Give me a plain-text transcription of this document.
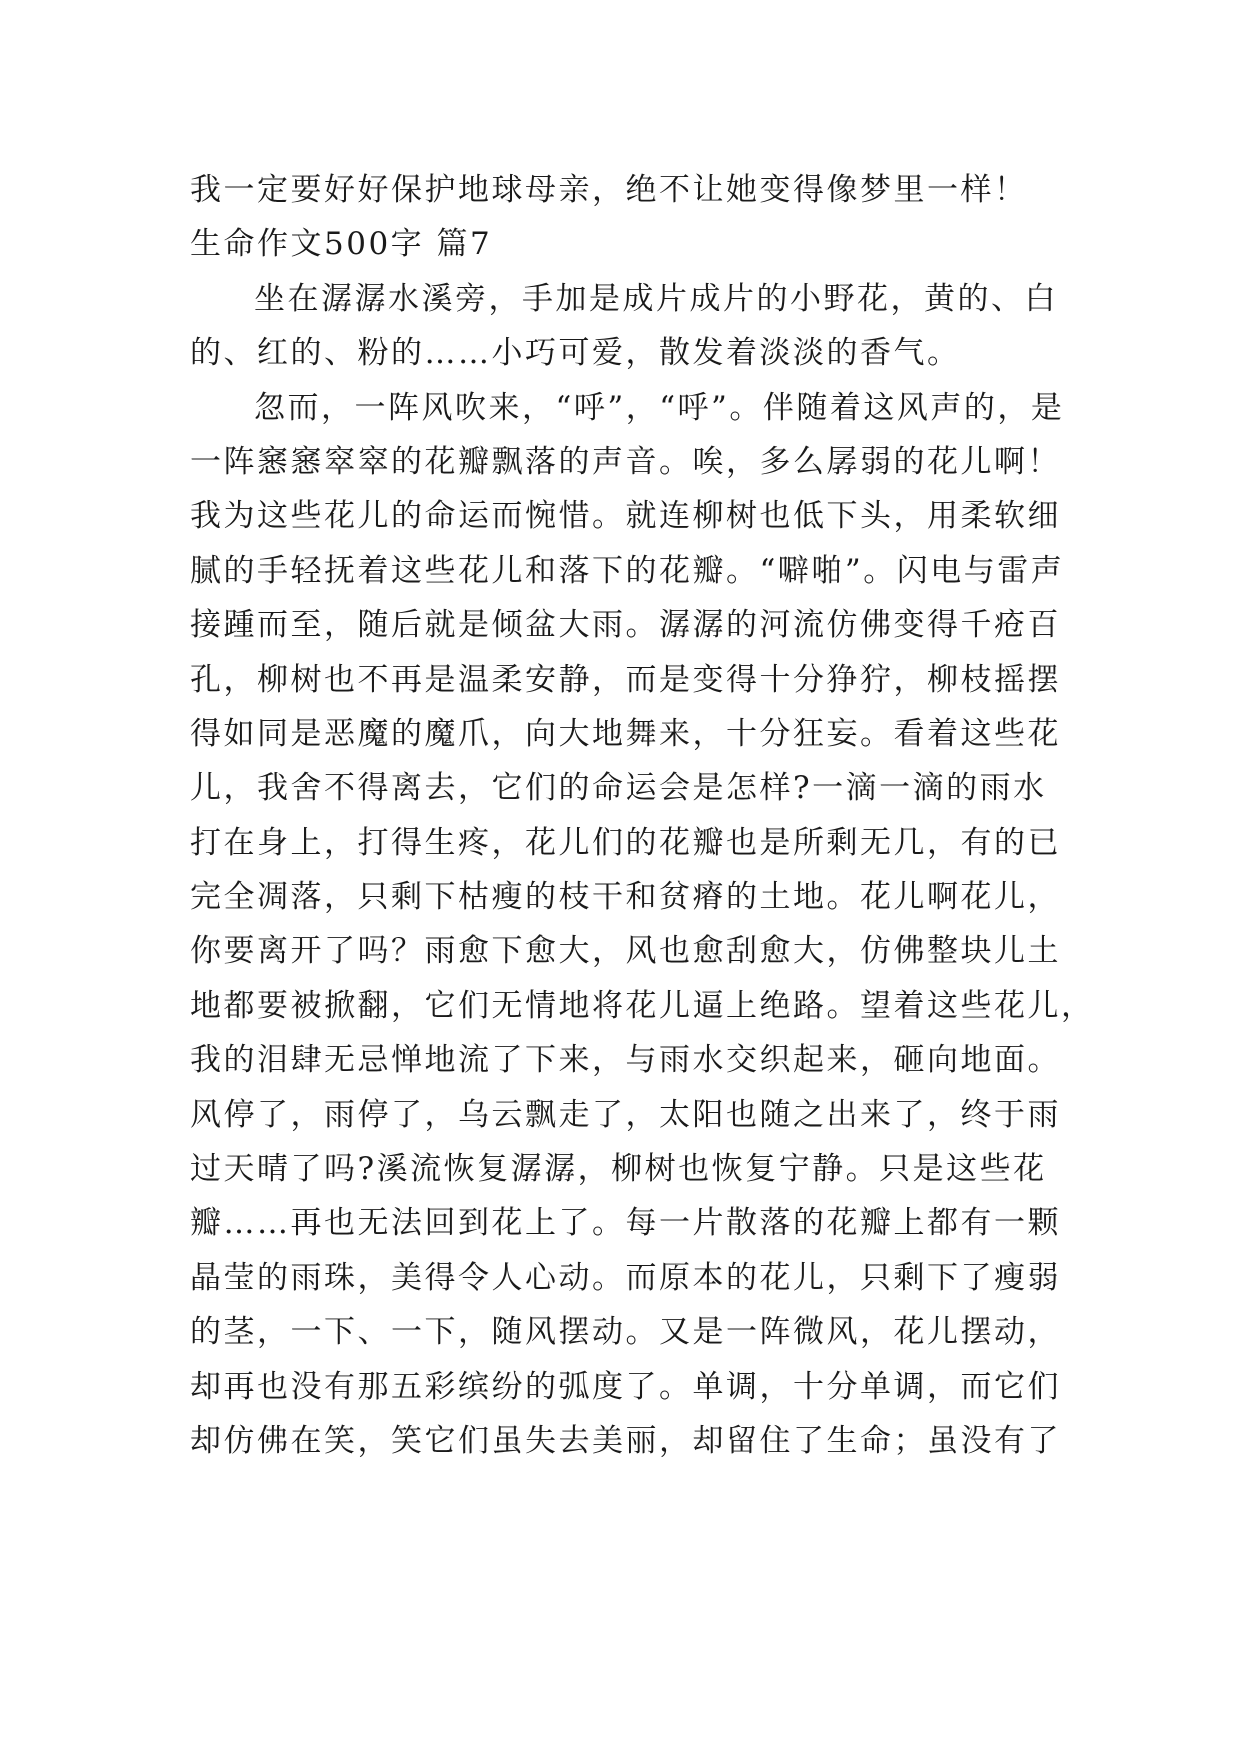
我一定要好好保护地球母亲，绝不让她变得像梦里一样！
生命作文500字 篇7
坐在潺潺水溪旁，手加是成片成片的小野花，黄的、白
的、红的、粉的……小巧可爱，散发着淡淡的香气。
忽而，一阵风吹来，“呼”，“呼”。伴随着这风声的，是
一阵窸窸窣窣的花瓣飘落的声音。唉，多么孱弱的花儿啊！
我为这些花儿的命运而惋惜。就连柳树也低下头，用柔软细
腻的手轻抚着这些花儿和落下的花瓣。“噼啪”。闪电与雷声
接踵而至，随后就是倾盆大雨。潺潺的河流仿佛变得千疮百
孔，柳树也不再是温柔安静，而是变得十分狰狞，柳枝摇摆
得如同是恶魔的魔爪，向大地舞来，十分狂妄。看着这些花
儿，我舍不得离去，它们的命运会是怎样?一滴一滴的雨水
打在身上，打得生疼，花儿们的花瓣也是所剩无几，有的已
完全凋落，只剩下枯瘦的枝干和贫瘠的土地。花儿啊花儿，
你要离开了吗？雨愈下愈大，风也愈刮愈大，仿佛整块儿土
地都要被掀翻，它们无情地将花儿逼上绝路。望着这些花儿，
我的泪肆无忌惮地流了下来，与雨水交织起来，砸向地面。
风停了，雨停了，乌云飘走了，太阳也随之出来了，终于雨
过天晴了吗?溪流恢复潺潺，柳树也恢复宁静。只是这些花
瓣……再也无法回到花上了。每一片散落的花瓣上都有一颗
晶莹的雨珠，美得令人心动。而原本的花儿，只剩下了瘦弱
的茎，一下、一下，随风摆动。又是一阵微风，花儿摆动，
却再也没有那五彩缤纷的弧度了。单调，十分单调，而它们
却仿佛在笑，笑它们虽失去美丽，却留住了生命；虽没有了
